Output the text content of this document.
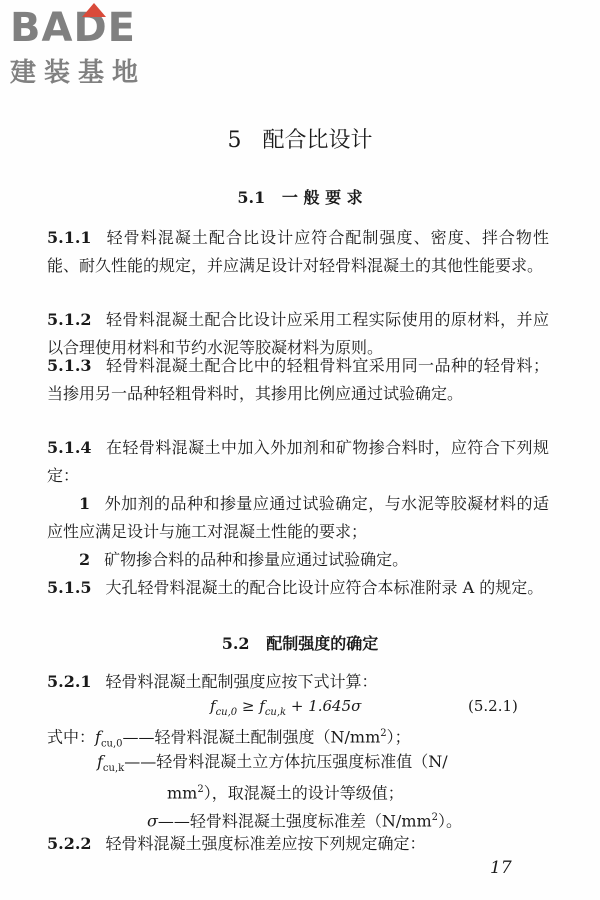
BADE
建装基地
5 配合比设计
5.1 一 般 要 求

5.1.1 轻骨料混凝土配合比设计应符合配制强度、密度、拌合物性能、耐久性能的规定，并应满足设计对轻骨料混凝土的其他性能要求。

5.1.2 轻骨料混凝土配合比设计应采用工程实际使用的原材料，并应以合理使用材料和节约水泥等胶凝材料为原则。

5.1.3 轻骨料混凝土配合比中的轻粗骨料宜采用同一品种的轻骨料；当掺用另一品种轻粗骨料时，其掺用比例应通过试验确定。

5.1.4 在轻骨料混凝土中加入外加剂和矿物掺合料时，应符合下列规定：

1 外加剂的品种和掺量应通过试验确定，与水泥等胶凝材料的适应性应满足设计与施工对混凝土性能的要求；

2 矿物掺合料的品种和掺量应通过试验确定。

5.1.5 大孔轻骨料混凝土的配合比设计应符合本标准附录 A 的规定。

5.2 配制强度的确定

5.2.1 轻骨料混凝土配制强度应按下式计算：

$f_{cu,0} \ge f_{cu,k} + 1.645\sigma$	(5.2.1)

式中：$f_{cu,0}——$轻骨料混凝土配制强度$(N/mm^2)$；

$f_{cu,k}——$轻骨料混凝土立方体抗压强度标准值（N/

$mm^2$），取混凝土的设计等级值；

σ——轻骨料混凝土强度标准差$(N/mm^2)$。

5.2.2 轻骨料混凝土强度标准差应按下列规定确定：

17
